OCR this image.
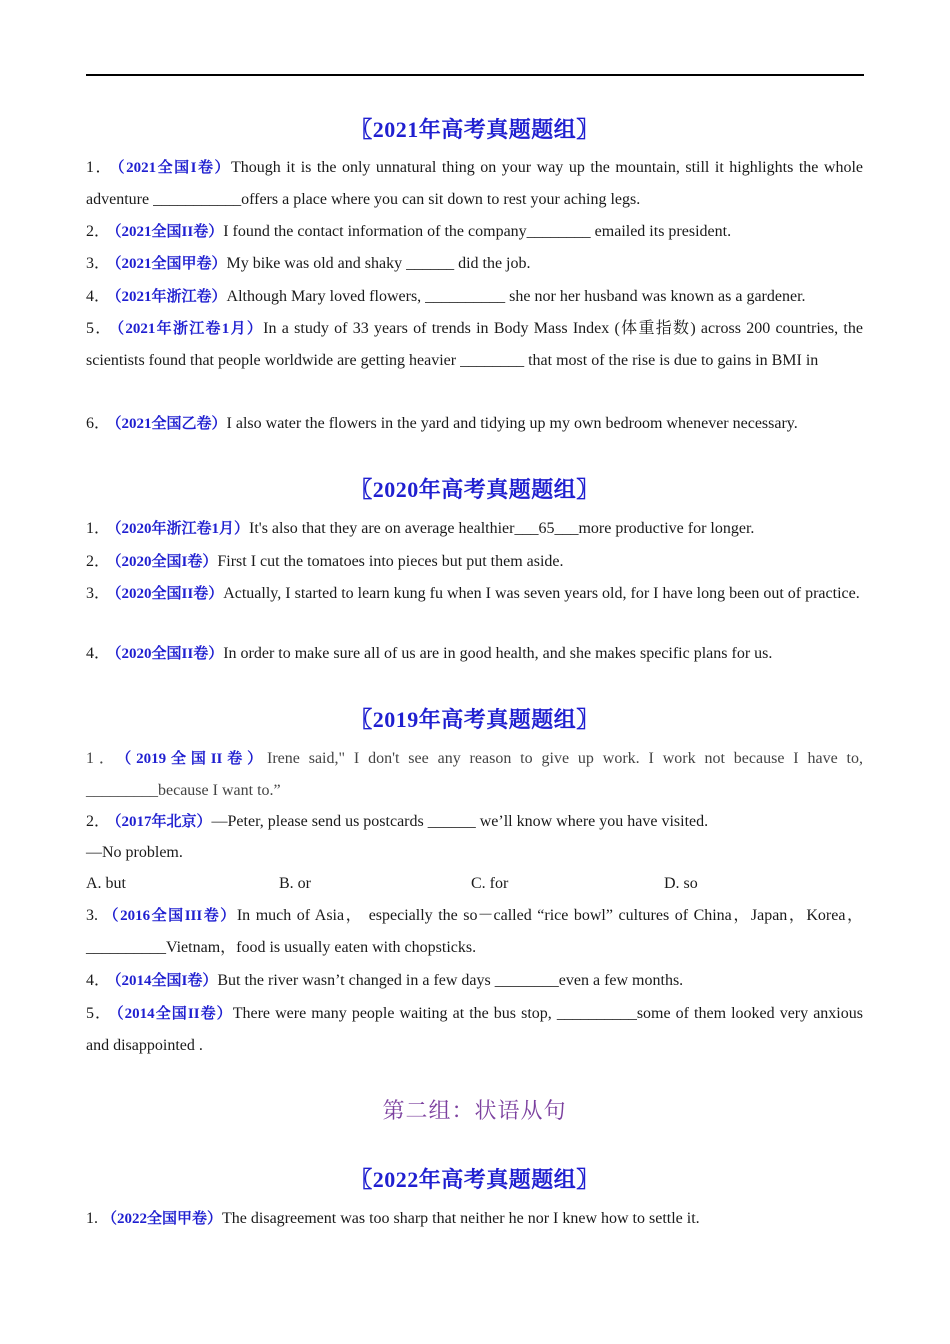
〖2021年高考真题题组〗
1． （2021全国I卷）Though it is the only unnatural thing on your way up the mountain, still it highlights the whole adventure ___________offers a place where you can sit down to rest your aching legs.
2． （2021全国II卷）I found the contact information of the company________ emailed its president.
3． （2021全国甲卷）My bike was old and shaky ______ did the job.
4． （2021年浙江卷）Although Mary loved flowers, __________ she nor her husband was known as a gardener.
5． （2021年浙江卷1月）In a study of 33 years of trends in Body Mass Index (体重指数) across 200 countries, the scientists found that people worldwide are getting heavier ________ that most of the rise is due to gains in BMI in
6． （2021全国乙卷）I also water the flowers in the yard and tidying up my own bedroom whenever necessary.
〖2020年高考真题题组〗
1． （2020年浙江卷1月）It's also that they are on average healthier___65___more productive for longer.
2． （2020全国I卷）First I cut the tomatoes into pieces but put them aside.
3． （2020全国II卷）Actually, I started to learn kung fu when I was seven years old, for I have long been out of practice.
4． （2020全国II卷）In order to make sure all of us are in good health, and she makes specific plans for us.
〖2019年高考真题题组〗
1． （2019全国II卷）Irene said," I don't see any reason to give up work. I work not because I have to, _________because I want to.”
2． （2017年北京）—Peter, please send us postcards ______ we’ll know where you have visited.
—No problem.
A. but	B. or	C. for	D. so
3. （2016全国III卷）In much of Asia， especially the so－called “rice bowl” cultures of China，Japan，Korea，__________Vietnam，food is usually eaten with chopsticks.
4． （2014全国I卷）But the river wasn’t changed in a few days ________even a few months.
5． （2014全国II卷）There were many people waiting at the bus stop, __________some of them looked very anxious and disappointed .
第二组：状语从句
〖2022年高考真题题组〗
1. （2022全国甲卷）The disagreement was too sharp that neither he nor I knew how to settle it.
